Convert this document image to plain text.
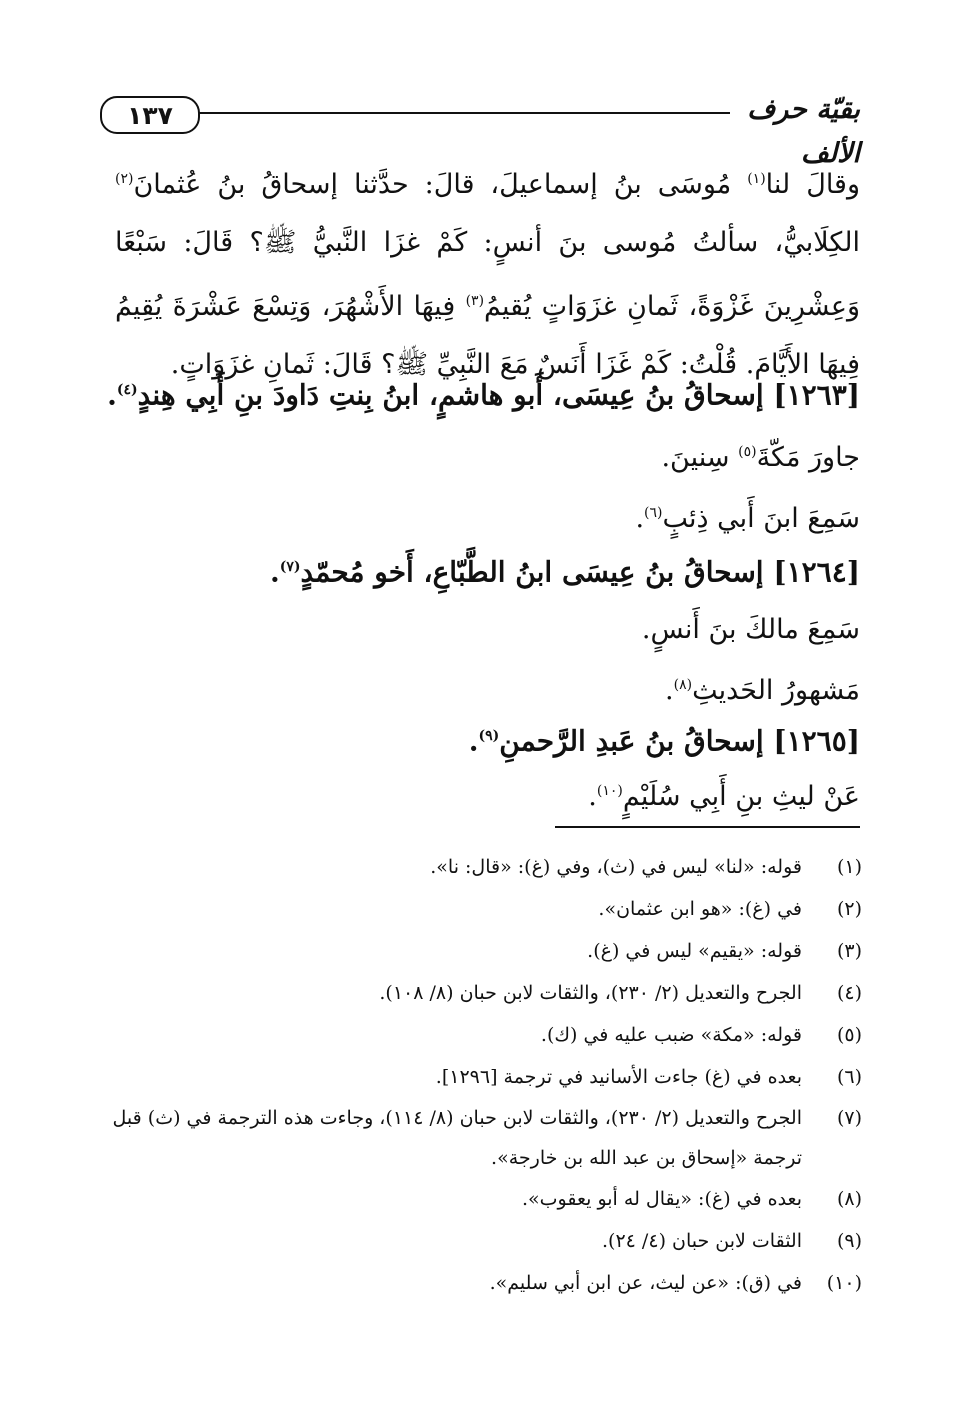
١٣٧	بقيّة حرف الألف
وقالَ لنا$^{(١)}$ مُوسَى بنُ إسماعيلَ، قالَ: حدَّثنا إسحاقُ بنُ عُثمانَ$^{(٢)}$ الكِلَابيُّ، سألتُ مُوسى بنَ أنسٍ: كَمْ غزَا النَّبيُّ ﷺ؟ قَالَ: سَبْعًا وَعِشْرِينَ غَزْوَةً، ثَمانِ غزَوَاتٍ يُقيمُ$^{(٣)}$ فِيهَا الأَشْهُرَ، وَتِسْعَ عَشْرَةَ يُقِيمُ فِيهَا الأَيَّامَ. قُلْتُ: كَمْ غَزَا أَنَسٌ مَعَ النَّبِيِّ ﷺ؟ قَالَ: ثَمانِ غزَوَاتٍ.
[١٢٦٣] إسحاقُ بنُ عِيسَى، أَبو هاشمٍ، ابنُ بِنتِ دَاودَ بنِ أَبِي هِندٍ$^{(٤)}$.
جاورَ مَكّةَ$^{(٥)}$ سِنينَ.
سَمِعَ ابنَ أَبي ذِئبٍ$^{(٦)}$.
[١٢٦٤] إسحاقُ بنُ عِيسَى ابنُ الطَّبّاعِ، أَخو مُحمّدٍ$^{(٧)}$.
سَمِعَ مالكَ بنَ أَنسٍ.
مَشهورُ الحَديثِ$^{(٨)}$.
[١٢٦٥] إسحاقُ بنُ عَبدِ الرَّحمنِ$^{(٩)}$.
عَنْ ليثِ بنِ أَبِي سُلَيْمٍ$^{(١٠)}$.
(١)
قوله: «لنا» ليس في (ث)، وفي (غ): «قال: نا».
(٢)
في (غ): «هو ابن عثمان».
(٣)
قوله: «يقيم» ليس في (غ).
(٤)
الجرح والتعديل (٢/ ٢٣٠)، والثقات لابن حبان (٨/ ١٠٨).
(٥)
قوله: «مكة» ضبب عليه في (ك).
(٦)
بعده في (غ) جاءت الأسانيد في ترجمة [١٢٩٦].
(٧)
الجرح والتعديل (٢/ ٢٣٠)، والثقات لابن حبان (٨/ ١١٤)، وجاءت هذه الترجمة في (ث) قبل ترجمة «إسحاق بن عبد الله بن خارجة».
(٨)
بعده في (غ): «يقال له أبو يعقوب».
(٩)
الثقات لابن حبان (٤/ ٢٤).
(١٠)
في (ق): «عن ليث، عن ابن أبي سليم».
